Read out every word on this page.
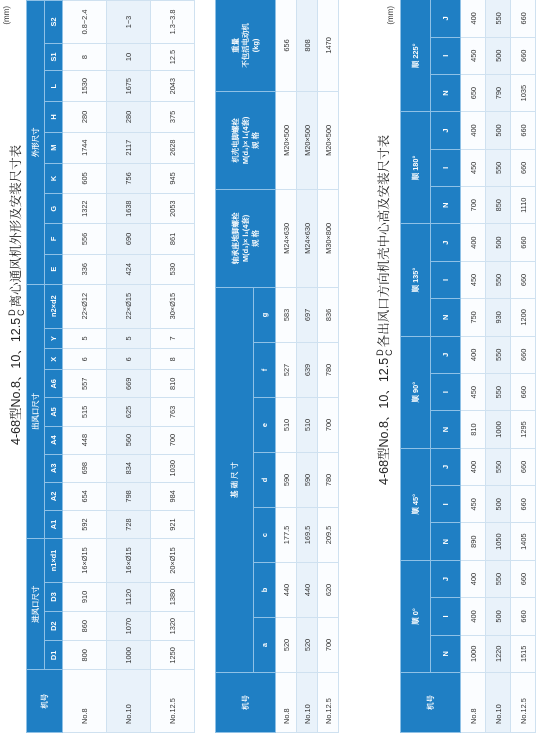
(mm)
4-68型No.8、10、12.5D
C离心通风机外形及安装尺寸表
机号	进风口尺寸				出风口尺寸									外形尺寸								
	D1	D2	D3	n1×d1	A1	A2	A3	A4	A5	A6	X	Y	n2×d2	E	F	G	K	M	H	L	S1	S2
No.8	800	860	910	16×Ø15	592	654	698	448	515	557	6	5	22×Ø12	336	556	1322	605	1744	280	1530	8	0.8~2.4
No.10	1000	1070	1120	16×Ø15	728	798	834	560	625	669	6	5	22×Ø15	424	690	1638	756	2117	280	1675	10	1~3
No.12.5	1250	1320	1380	20×Ø15	921	984	1030	700	763	810	8	7	30×Ø15	530	861	2053	945	2628	375	2043	12.5	1.3~3.8
机号	基 础 尺 寸							轴承座地脚螺栓
M(d₃)× l₃(4套)
规 格	机壳电脚螺栓
M(d₄)× l₄(4套)
规 格	重量
不包括电动机
(kg)
	a	b	c	d	e	f	g			
No.8	520	440	177.5	590	510	527	583	M24×630	M20×500	656
No.10	520	440	169.5	590	510	639	697	M24×630	M20×500	808
No.12.5	700	620	209.5	780	700	780	836	M30×800	M20×500	1470
(mm)
4-68型No.8、10、12.5D
C各出风口方向机壳中心高及安装尺寸表
机号	顺 0°			顺 45°			顺 90°			顺 135°			顺 180°			顺 225°		
	N	I	J	N	I	J	N	I	J	N	I	J	N	I	J	N	I	J
No.8	1000	400	400	890	450	400	810	450	400	750	450	400	700	450	400	650	450	400
No.10	1220	500	550	1050	500	550	1000	550	550	930	550	500	850	550	500	790	500	550
No.12.5	1515	660	660	1405	660	660	1295	660	660	1200	660	660	1110	660	660	1035	660	660
